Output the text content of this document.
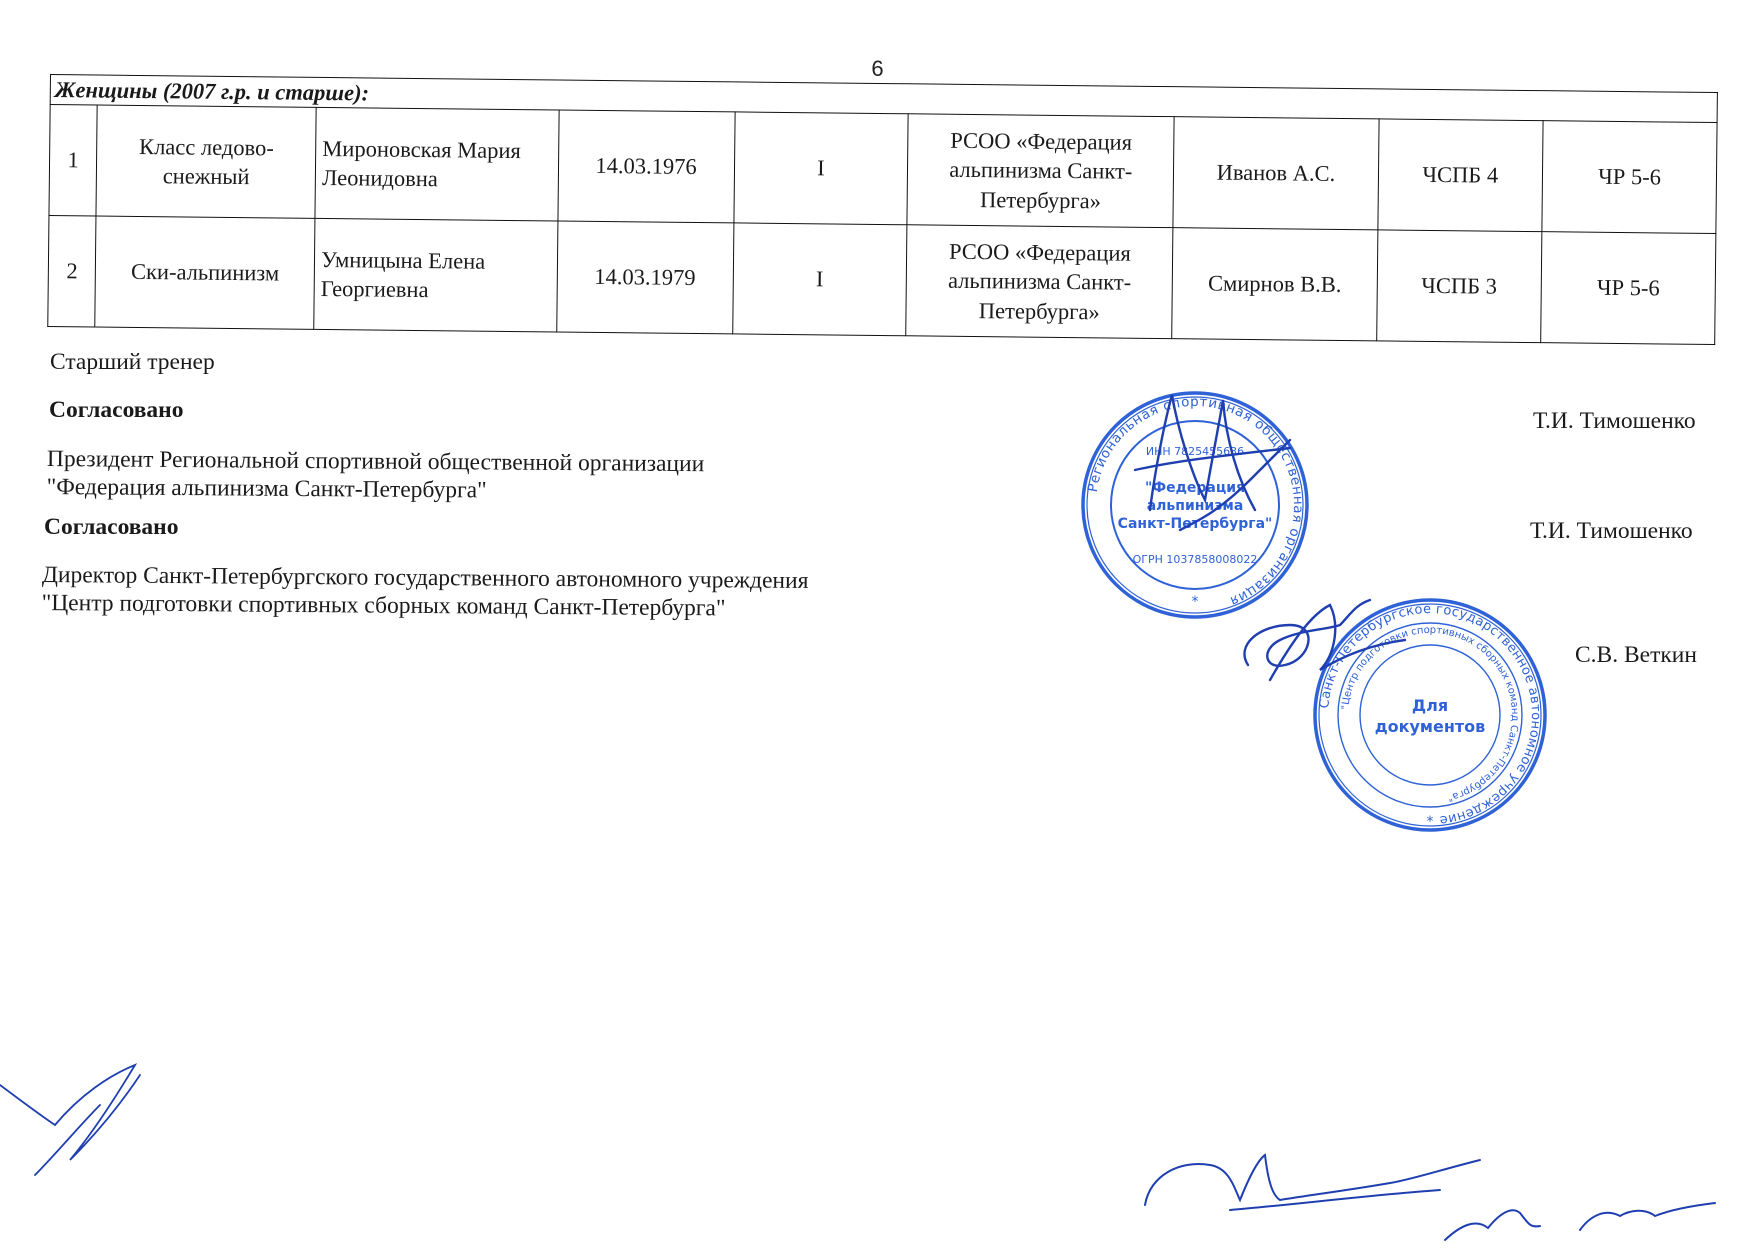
6
Женщины (2007 г.р. и старше):								
1	Класс ледово-снежный	Мироновская Мария Леонидовна	14.03.1976	I	РСОО «Федерация альпинизма Санкт-Петербурга»	Иванов А.С.	ЧСПБ 4	ЧР 5-6
2	Ски-альпинизм	Умницына Елена Георгиевна	14.03.1979	I	РСОО «Федерация альпинизма Санкт-Петербурга»	Смирнов В.В.	ЧСПБ 3	ЧР 5-6
Старший тренер
Согласовано
Президент Региональной спортивной общественной организации
"Федерация альпинизма Санкт-Петербурга"
Согласовано
Директор Санкт-Петербургского государственного автономного учреждения
"Центр подготовки спортивных сборных команд Санкт-Петербурга"
Т.И. Тимошенко
Т.И. Тимошенко
С.В. Веткин
Региональная спортивная общественная организация
ИНН 7825455636
"Федерация
альпинизма
Санкт-Петербурга"
ОГРН 1037858008022
*
Санкт-Петербургское государственное автономное учреждение
"Центр подготовки спортивных сборных команд Санкт-Петербурга"
Для
документов
*
